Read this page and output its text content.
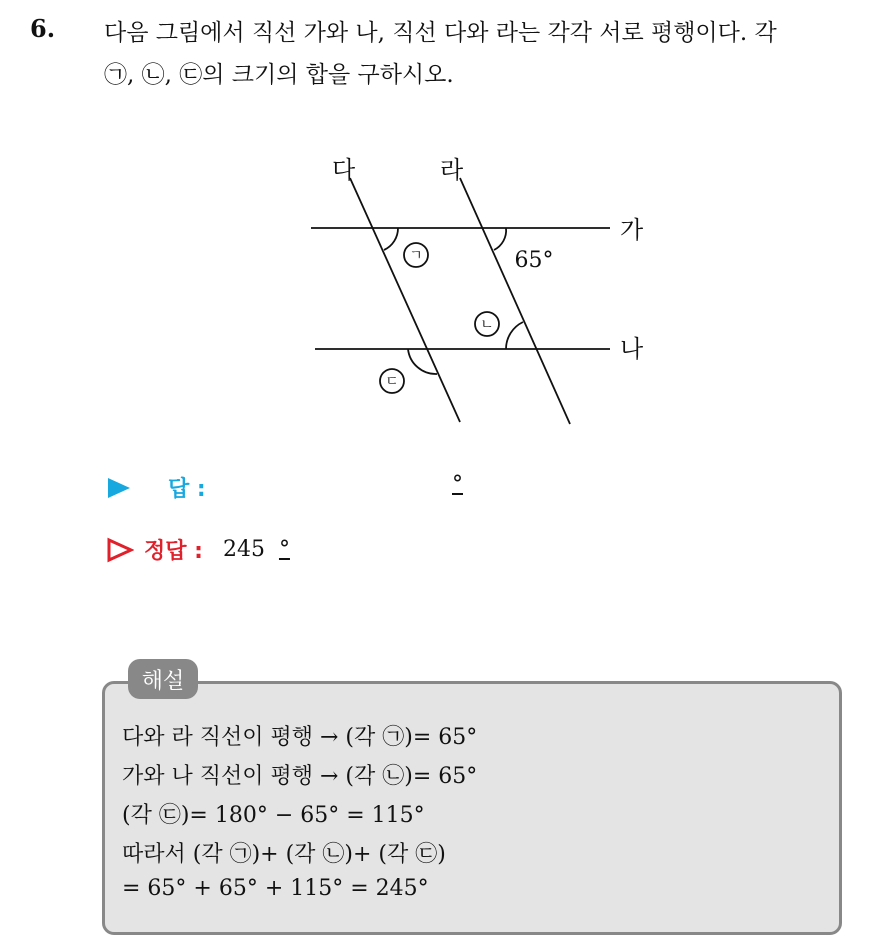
6. 다음 그림에서 직선 가와 나, 직선 다와 라는 각각 서로 평행이다. 각
㉠, ㉡, ㉢의 크기의 합을 구하시오.
다	라
가
나
65°
ㄱ
ㄴ
ㄷ
답 :	°
정답 : 245 °
해설
다와 라 직선이 평행 → (각 ㉠)= 65°
가와 나 직선이 평행 → (각 ㉡)= 65°
(각 ㉢)= 180° − 65° = 115°
따라서 (각 ㉠)+ (각 ㉡)+ (각 ㉢)
= 65° + 65° + 115° = 245°
